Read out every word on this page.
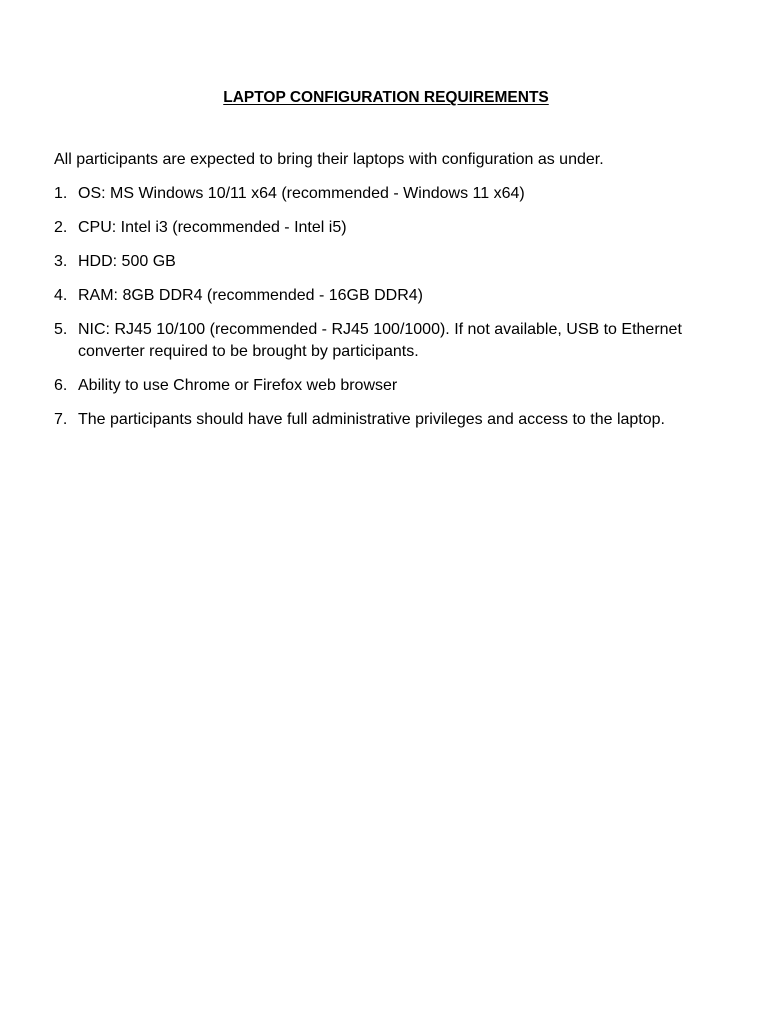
LAPTOP CONFIGURATION REQUIREMENTS
All participants are expected to bring their laptops with configuration as under.
1. OS: MS Windows 10/11 x64 (recommended - Windows 11 x64)
2. CPU: Intel i3 (recommended - Intel i5)
3. HDD: 500 GB
4. RAM: 8GB DDR4 (recommended - 16GB DDR4)
5. NIC: RJ45 10/100 (recommended - RJ45 100/1000). If not available, USB to Ethernet converter required to be brought by participants.
6. Ability to use Chrome or Firefox web browser
7. The participants should have full administrative privileges and access to the laptop.
